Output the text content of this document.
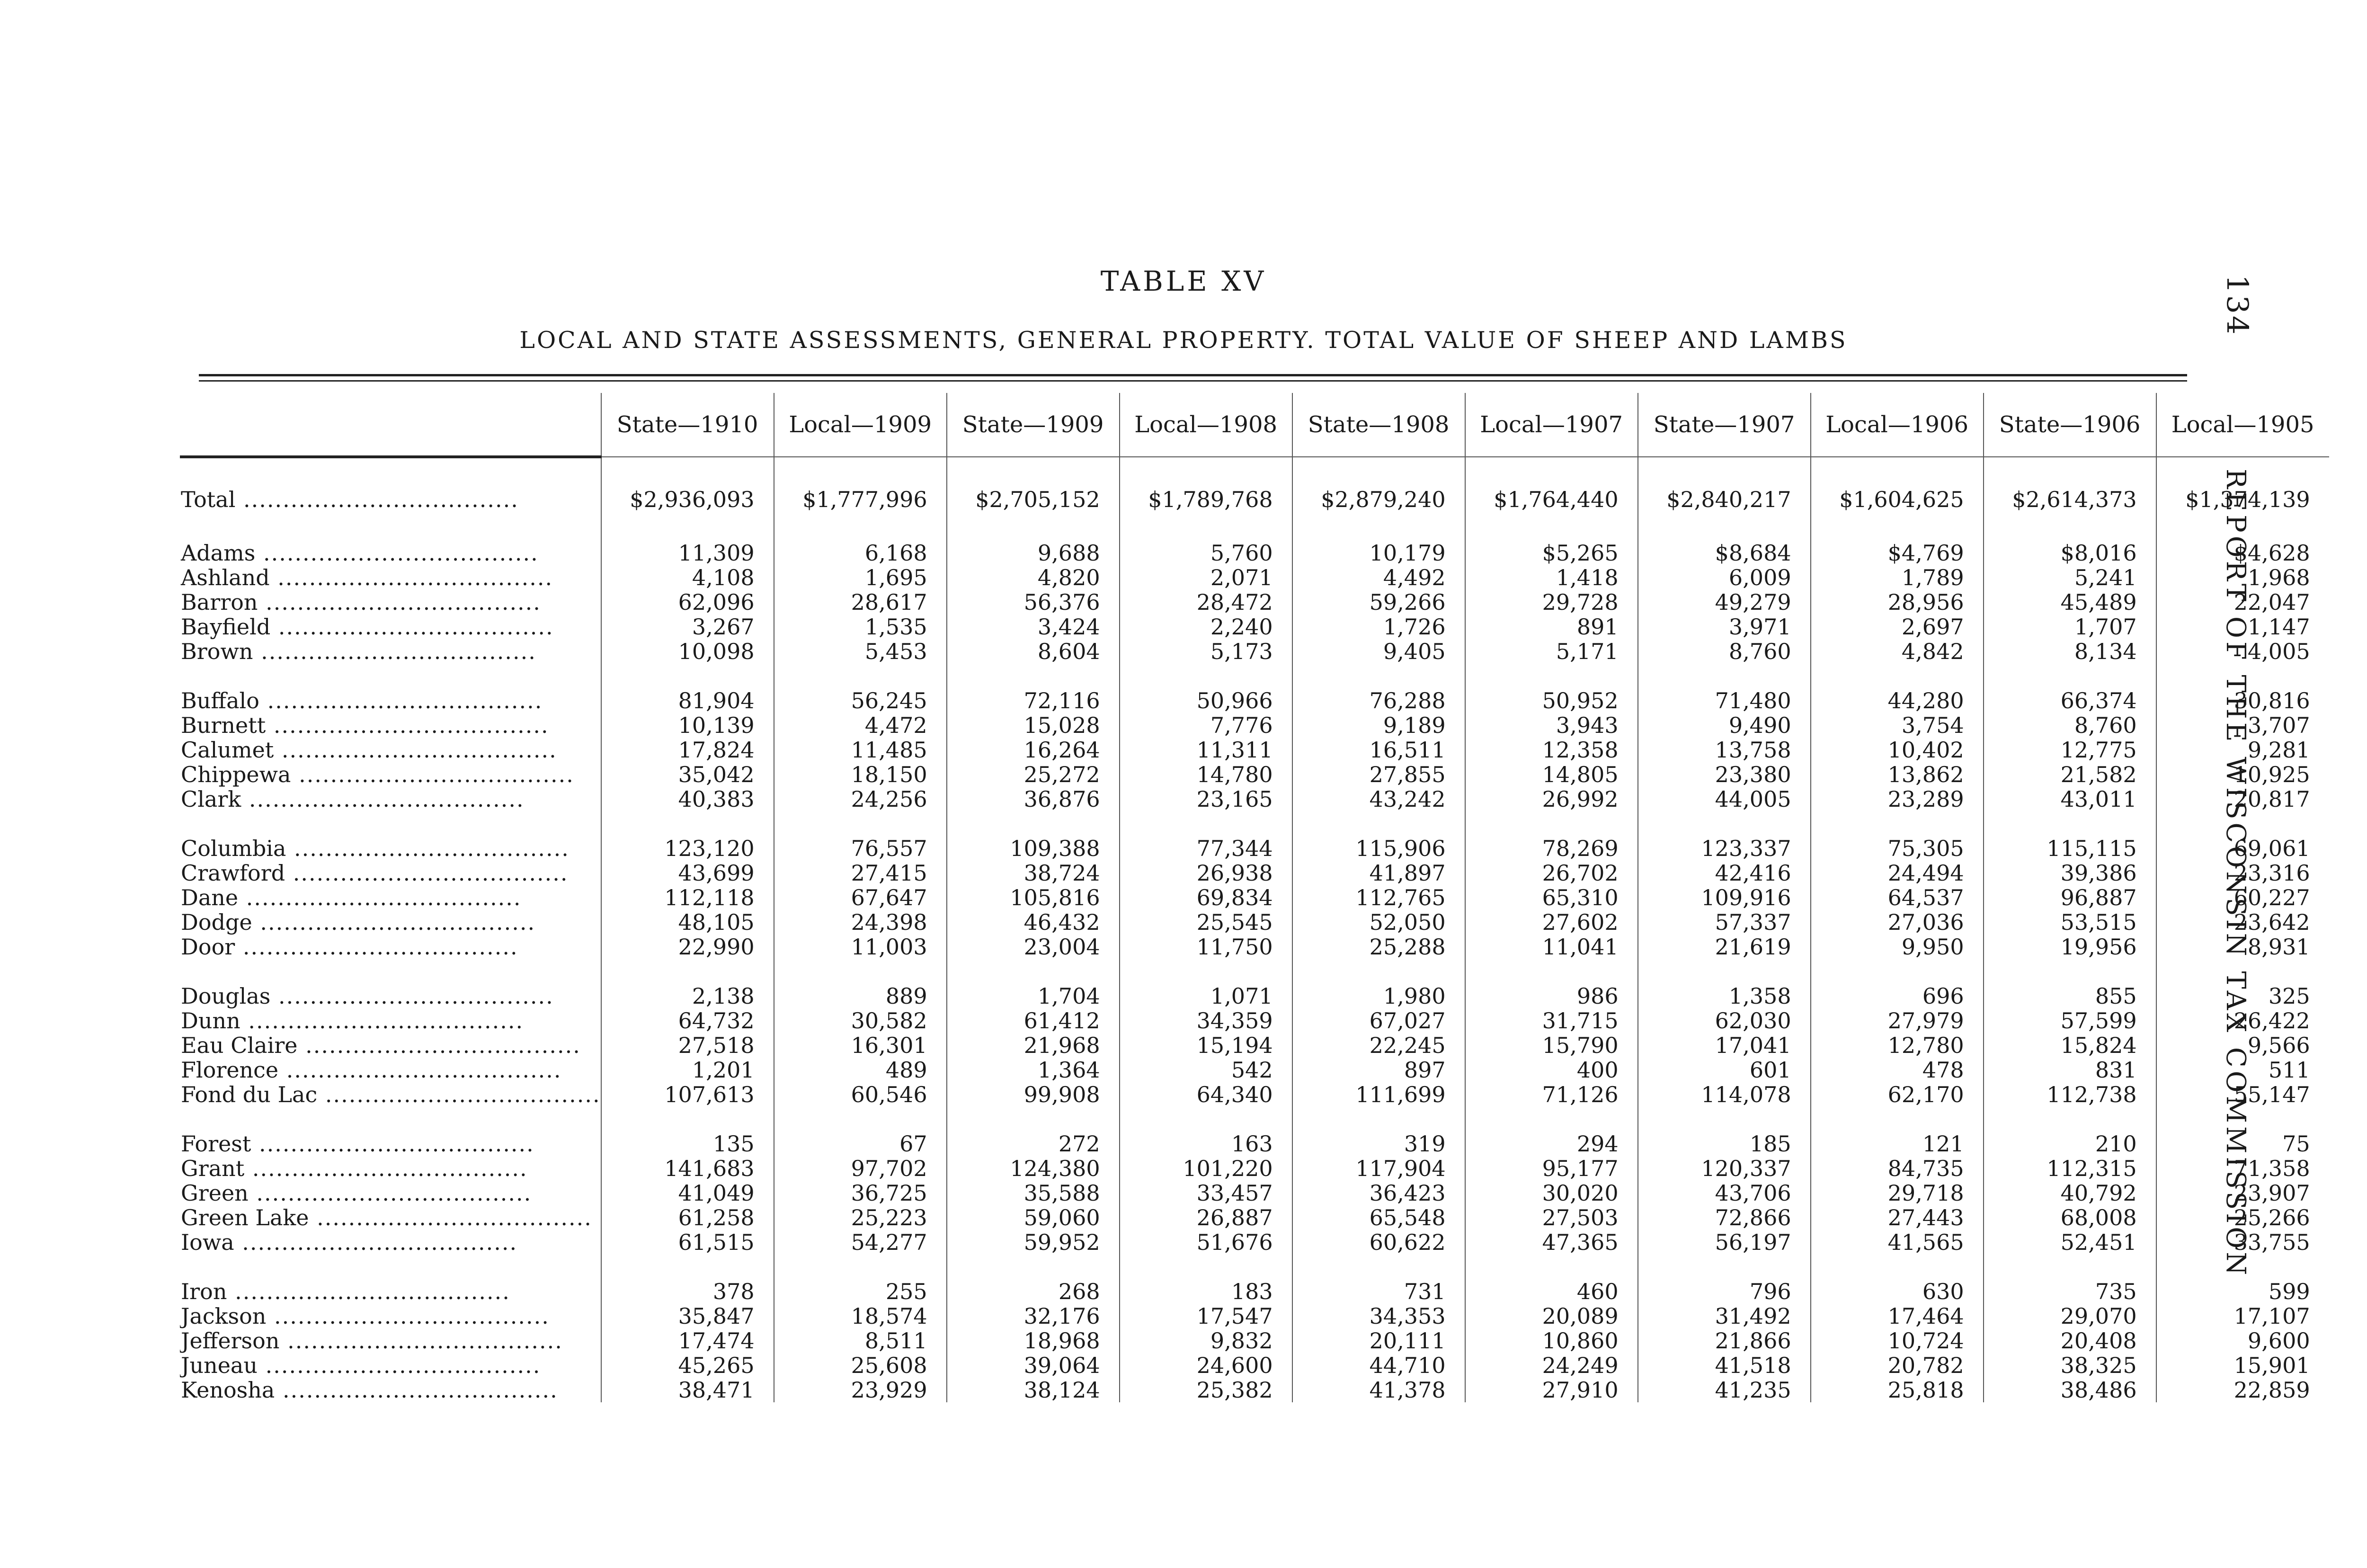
TABLE XV
LOCAL AND STATE ASSESSMENTS, GENERAL PROPERTY. TOTAL VALUE OF SHEEP AND LAMBS
134
REPORT OF THE WISCONSIN TAX COMMISSION
	State—1910	Local—1909	State—1909	Local—1908	State—1908	Local—1907	State—1907	Local—1906	State—1906	Local—1905

Total ...................................	$2,936,093	$1,777,996	$2,705,152	$1,789,768	$2,879,240	$1,764,440	$2,840,217	$1,604,625	$2,614,373	$1,374,139

Adams ...................................	11,309	6,168	9,688	5,760	10,179	$5,265	$8,684	$4,769	$8,016	$4,628
Ashland ...................................	4,108	1,695	4,820	2,071	4,492	1,418	6,009	1,789	5,241	1,968
Barron ...................................	62,096	28,617	56,376	28,472	59,266	29,728	49,279	28,956	45,489	22,047
Bayfield ...................................	3,267	1,535	3,424	2,240	1,726	891	3,971	2,697	1,707	1,147
Brown ...................................	10,098	5,453	8,604	5,173	9,405	5,171	8,760	4,842	8,134	4,005

Buffalo ...................................	81,904	56,245	72,116	50,966	76,288	50,952	71,480	44,280	66,374	30,816
Burnett ...................................	10,139	4,472	15,028	7,776	9,189	3,943	9,490	3,754	8,760	3,707
Calumet ...................................	17,824	11,485	16,264	11,311	16,511	12,358	13,758	10,402	12,775	9,281
Chippewa ...................................	35,042	18,150	25,272	14,780	27,855	14,805	23,380	13,862	21,582	10,925
Clark ...................................	40,383	24,256	36,876	23,165	43,242	26,992	44,005	23,289	43,011	20,817

Columbia ...................................	123,120	76,557	109,388	77,344	115,906	78,269	123,337	75,305	115,115	69,061
Crawford ...................................	43,699	27,415	38,724	26,938	41,897	26,702	42,416	24,494	39,386	23,316
Dane ...................................	112,118	67,647	105,816	69,834	112,765	65,310	109,916	64,537	96,887	60,227
Dodge ...................................	48,105	24,398	46,432	25,545	52,050	27,602	57,337	27,036	53,515	23,642
Door ...................................	22,990	11,003	23,004	11,750	25,288	11,041	21,619	9,950	19,956	8,931

Douglas ...................................	2,138	889	1,704	1,071	1,980	986	1,358	696	855	325
Dunn ...................................	64,732	30,582	61,412	34,359	67,027	31,715	62,030	27,979	57,599	26,422
Eau Claire ...................................	27,518	16,301	21,968	15,194	22,245	15,790	17,041	12,780	15,824	9,566
Florence ...................................	1,201	489	1,364	542	897	400	601	478	831	511
Fond du Lac ...................................	107,613	60,546	99,908	64,340	111,699	71,126	114,078	62,170	112,738	55,147

Forest ...................................	135	67	272	163	319	294	185	121	210	75
Grant ...................................	141,683	97,702	124,380	101,220	117,904	95,177	120,337	84,735	112,315	71,358
Green ...................................	41,049	36,725	35,588	33,457	36,423	30,020	43,706	29,718	40,792	23,907
Green Lake ...................................	61,258	25,223	59,060	26,887	65,548	27,503	72,866	27,443	68,008	25,266
Iowa ...................................	61,515	54,277	59,952	51,676	60,622	47,365	56,197	41,565	52,451	33,755

Iron ...................................	378	255	268	183	731	460	796	630	735	599
Jackson ...................................	35,847	18,574	32,176	17,547	34,353	20,089	31,492	17,464	29,070	17,107
Jefferson ...................................	17,474	8,511	18,968	9,832	20,111	10,860	21,866	10,724	20,408	9,600
Juneau ...................................	45,265	25,608	39,064	24,600	44,710	24,249	41,518	20,782	38,325	15,901
Kenosha ...................................	38,471	23,929	38,124	25,382	41,378	27,910	41,235	25,818	38,486	22,859
